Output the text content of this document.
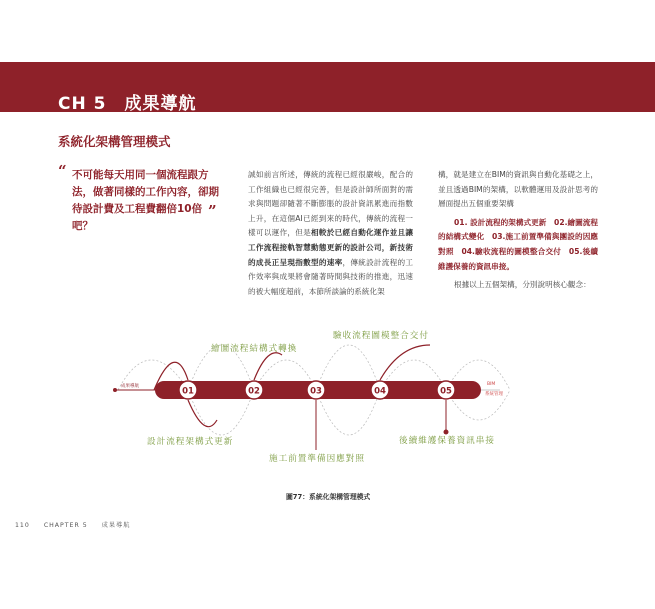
CH 5　成果導航
系統化架構管理模式
“ 不可能每天用同一個流程跟方法，做著同樣的工作內容，卻期待設計費及工程費翻倍10倍吧？
”

誠如前言所述，傳統的流程已經很嚴峻，配合的工作組織也已經很完善，但是設計師所面對的需求與問題卻隨著不斷膨脹的設計資訊累進而指數上升，在這個AI已經到來的時代，傳統的流程一樣可以運作，但是相較於已經自動化運作並且讓工作流程接軌智慧動態更新的設計公司，新技術的成長正呈現指數型的速率，傳統設計流程的工作效率與成果將會隨著時間與技術的推進，迅速的被大幅度超前，本節所談論的系統化架

構，就是建立在BIM的資訊與自動化基礎之上，並且透過BIM的架構，以軟體運用及設計思考的層面提出五個重要架構

01. 設計流程的架構式更新　02.繪圖流程的結構式變化　03.施工前置準備與團設的因應對照　04.驗收流程的圖模整合交付　05.後續維護保養的資訊串接。

根據以上五個架構，分別說明核心觀念：

01	02	03	04	05
成果導航	BIM
系統管理
繪圖流程結構式轉換
驗收流程圖模整合交付
設計流程架構式更新
施工前置準備因應對照
後續維護保養資訊串接
圖77：系統化架構管理模式
110 CHAPTER 5 成果導航
